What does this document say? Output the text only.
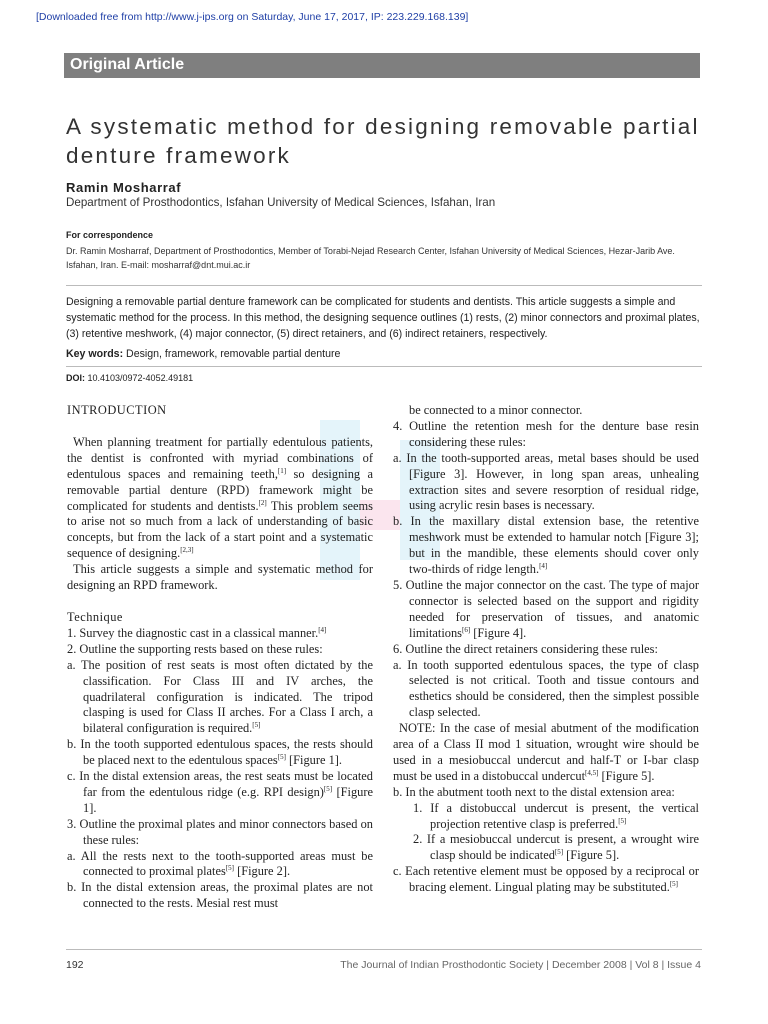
[Downloaded free from http://www.j-ips.org on Saturday, June 17, 2017, IP: 223.229.168.139]
Original Article
A systematic method for designing removable partial denture framework
Ramin Mosharraf
Department of Prosthodontics, Isfahan University of Medical Sciences, Isfahan, Iran
For correspondence
Dr. Ramin Mosharraf, Department of Prosthodontics, Member of Torabi-Nejad Research Center, Isfahan University of Medical Sciences, Hezar-Jarib Ave. Isfahan, Iran. E-mail: mosharraf@dnt.mui.ac.ir
Designing a removable partial denture framework can be complicated for students and dentists. This article suggests a simple and systematic method for the process. In this method, the designing sequence outlines (1) rests, (2) minor connectors and proximal plates, (3) retentive meshwork, (4) major connector, (5) direct retainers, and (6) indirect retainers, respectively.
Key words: Design, framework, removable partial denture
DOI: 10.4103/0972-4052.49181

INTRODUCTION

When planning treatment for partially edentulous patients, the dentist is confronted with myriad combinations of edentulous spaces and remaining teeth,[1] so designing a removable partial denture (RPD) framework might be complicated for students and dentists.[2] This problem seems to arise not so much from a lack of understanding of basic concepts, but from the lack of a start point and a systematic sequence of designing.[2,3]

This article suggests a simple and systematic method for designing an RPD framework.

Technique

1. Survey the diagnostic cast in a classical manner.[4]

2. Outline the supporting rests based on these rules:

a. The position of rest seats is most often dictated by the classification. For Class III and IV arches, the quadrilateral configuration is indicated. The tripod clasping is used for Class II arches. For a Class I arch, a bilateral configuration is required.[5]

b. In the tooth supported edentulous spaces, the rests should be placed next to the edentulous spaces[5] [Figure 1].

c. In the distal extension areas, the rest seats must be located far from the edentulous ridge (e.g. RPI design)[5] [Figure 1].

3. Outline the proximal plates and minor connectors based on these rules:

a. All the rests next to the tooth-supported areas must be connected to proximal plates[5] [Figure 2].

b. In the distal extension areas, the proximal plates are not connected to the rests. Mesial rest must

be connected to a minor connector.

4. Outline the retention mesh for the denture base resin considering these rules:

a. In the tooth-supported areas, metal bases should be used [Figure 3]. However, in long span areas, unhealing extraction sites and severe resorption of residual ridge, using acrylic resin bases is necessary.

b. In the maxillary distal extension base, the retentive meshwork must be extended to hamular notch [Figure 3]; but in the mandible, these elements should cover only two-thirds of ridge length.[4]

5. Outline the major connector on the cast. The type of major connector is selected based on the support and rigidity needed for preservation of tissues, and anatomic limitations[6] [Figure 4].

6. Outline the direct retainers considering these rules:

a. In tooth supported edentulous spaces, the type of clasp selected is not critical. Tooth and tissue contours and esthetics should be considered, then the simplest possible clasp selected.

NOTE: In the case of mesial abutment of the modification area of a Class II mod 1 situation, wrought wire should be used in a mesiobuccal undercut and half-T or I-bar clasp must be used in a distobuccal undercut[4,5] [Figure 5].

b. In the abutment tooth next to the distal extension area:

1. If a distobuccal undercut is present, the vertical projection retentive clasp is preferred.[5]

2. If a mesiobuccal undercut is present, a wrought wire clasp should be indicated[5] [Figure 5].

c. Each retentive element must be opposed by a reciprocal or bracing element. Lingual plating may be substituted.[5]

192	The Journal of Indian Prosthodontic Society | December 2008 | Vol 8 | Issue 4
